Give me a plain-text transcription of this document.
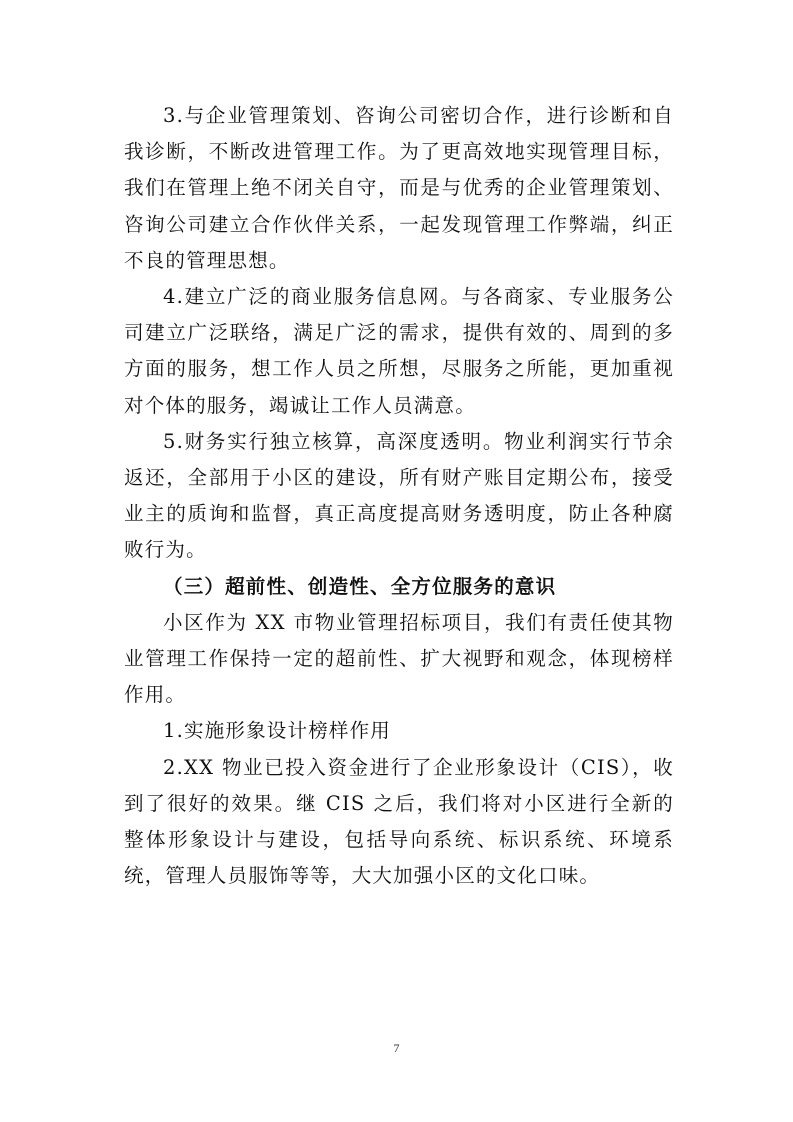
3.与企业管理策划、咨询公司密切合作，进行诊断和自我诊断，不断改进管理工作。为了更高效地实现管理目标，我们在管理上绝不闭关自守，而是与优秀的企业管理策划、咨询公司建立合作伙伴关系，一起发现管理工作弊端，纠正不良的管理思想。

4.建立广泛的商业服务信息网。与各商家、专业服务公司建立广泛联络，满足广泛的需求，提供有效的、周到的多方面的服务，想工作人员之所想，尽服务之所能，更加重视对个体的服务，竭诚让工作人员满意。

5.财务实行独立核算，高深度透明。物业利润实行节余返还，全部用于小区的建设，所有财产账目定期公布，接受业主的质询和监督，真正高度提高财务透明度，防止各种腐败行为。

（三）超前性、创造性、全方位服务的意识

小区作为 XX 市物业管理招标项目，我们有责任使其物业管理工作保持一定的超前性、扩大视野和观念，体现榜样作用。

1.实施形象设计榜样作用

2.XX 物业已投入资金进行了企业形象设计（CIS），收到了很好的效果。继 CIS 之后，我们将对小区进行全新的整体形象设计与建设，包括导向系统、标识系统、环境系统，管理人员服饰等等，大大加强小区的文化口味。

7
